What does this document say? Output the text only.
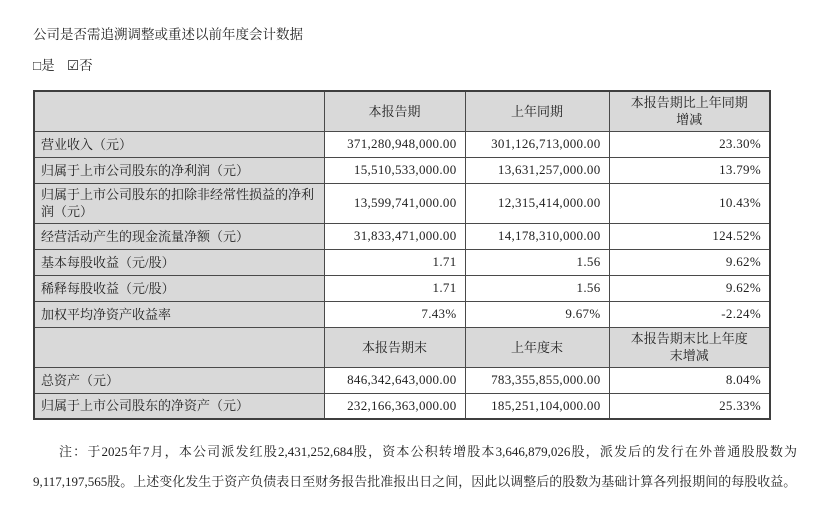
公司是否需追溯调整或重述以前年度会计数据

□是 ☑否

	本报告期	上年同期	本报告期比上年同期增减
营业收入（元）	371,280,948,000.00	301,126,713,000.00	23.30%
归属于上市公司股东的净利润（元）	15,510,533,000.00	13,631,257,000.00	13.79%
归属于上市公司股东的扣除非经常性损益的净利润（元）	13,599,741,000.00	12,315,414,000.00	10.43%
经营活动产生的现金流量净额（元）	31,833,471,000.00	14,178,310,000.00	124.52%
基本每股收益（元/股）	1.71	1.56	9.62%
稀释每股收益（元/股）	1.71	1.56	9.62%
加权平均净资产收益率	7.43%	9.67%	-2.24%
	本报告期末	上年度末	本报告期末比上年度末增减
总资产（元）	846,342,643,000.00	783,355,855,000.00	8.04%
归属于上市公司股东的净资产（元）	232,166,363,000.00	185,251,104,000.00	25.33%

注：于2025年7月，本公司派发红股2,431,252,684股，资本公积转增股本3,646,879,026股，派发后的发行在外普通股股数为9,117,197,565股。上述变化发生于资产负债表日至财务报告批准报出日之间，因此以调整后的股数为基础计算各列报期间的每股收益。
